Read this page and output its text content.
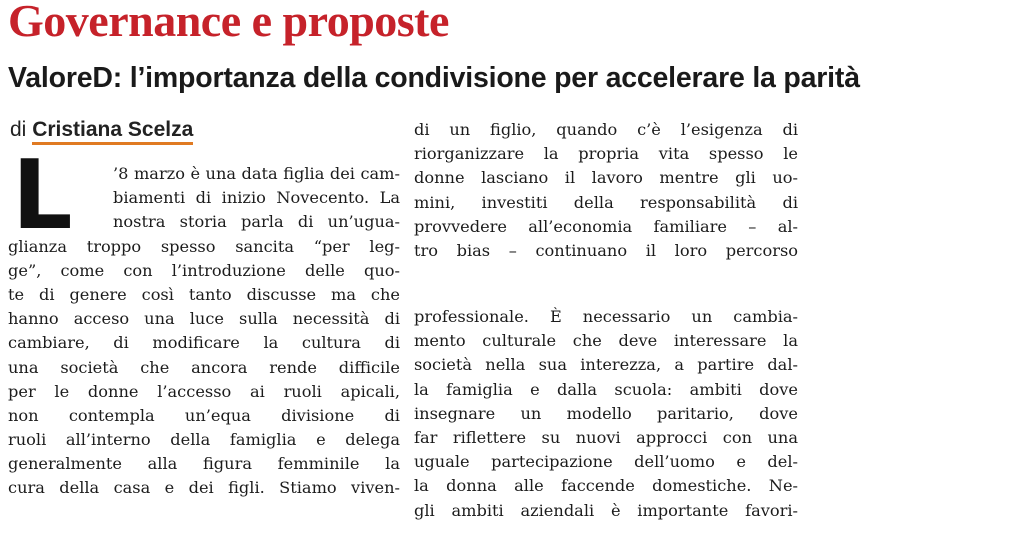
Governance e proposte
ValoreD: l’importanza della condivisione per accelerare la parità
di Cristiana Scelza
L	’8 marzo è una data figlia dei cam-
biamenti di inizio Novecento. La
nostra storia parla di un’ugua-
glianza troppo spesso sancita “per leg-
ge”, come con l’introduzione delle quo-
te di genere così tanto discusse ma che
hanno acceso una luce sulla necessità di
cambiare, di modificare la cultura di
una società che ancora rende difficile
per le donne l’accesso ai ruoli apicali,
non contempla un’equa divisione di
ruoli all’interno della famiglia e delega
generalmente alla figura femminile la
cura della casa e dei figli. Stiamo viven-
di un figlio, quando c’è l’esigenza di
riorganizzare la propria vita spesso le
donne lasciano il lavoro mentre gli uo-
mini, investiti della responsabilità di
provvedere all’economia familiare – al-
tro bias – continuano il loro percorso
professionale. È necessario un cambia-
mento culturale che deve interessare la
società nella sua interezza, a partire dal-
la famiglia e dalla scuola: ambiti dove
insegnare un modello paritario, dove
far riflettere su nuovi approcci con una
uguale partecipazione dell’uomo e del-
la donna alle faccende domestiche. Ne-
gli ambiti aziendali è importante favori-
